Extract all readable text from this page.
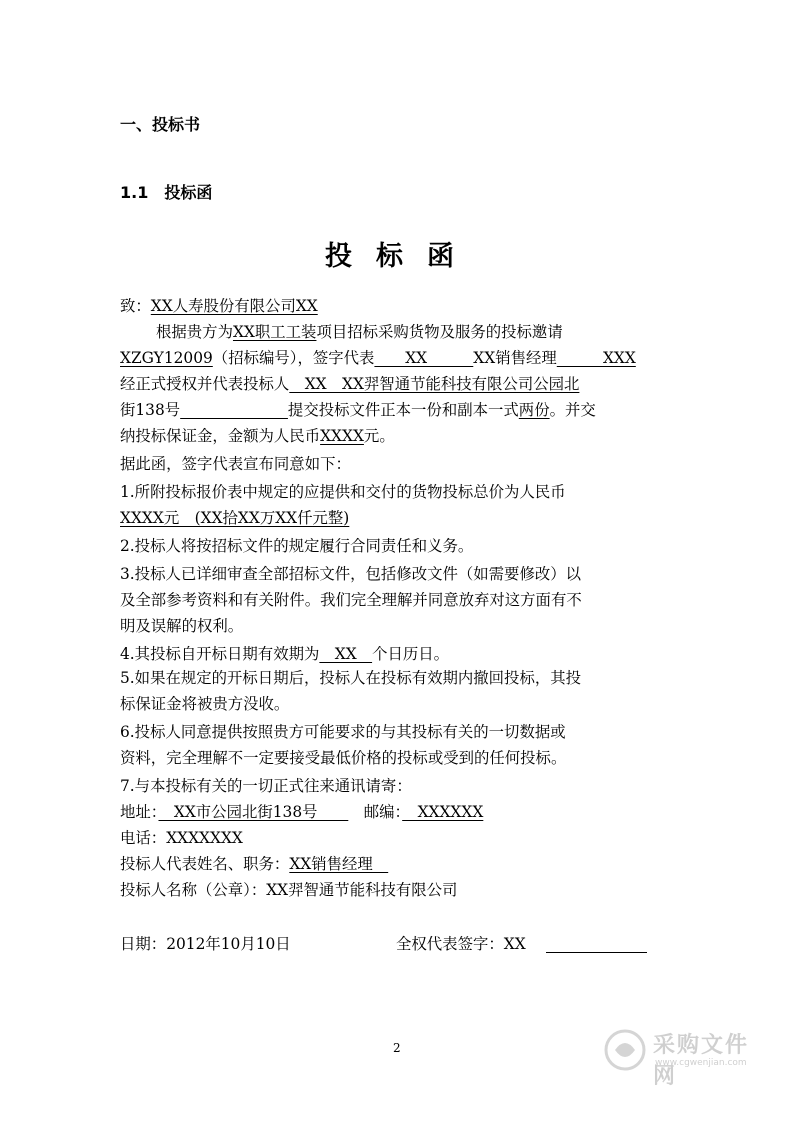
一、投标书
1.1　投标函
投标函
致：XX人寿股份有限公司XX
根据贵方为XX职工工装项目招标采购货物及服务的投标邀请
XZGY12009（招标编号），签字代表　　XX　　　XX销售经理　　　XXX
经正式授权并代表投标人　XX　XX羿智通节能科技有限公司公园北
街138号　　　　　　　	提交投标文件正本一份和副本一式两份。并交
纳投标保证金，金额为人民币XXXX元。
据此函，签字代表宣布同意如下：
1.所附投标报价表中规定的应提供和交付的货物投标总价为人民币
XXXX元　(XX拾XX万XX仟元整)
2.投标人将按招标文件的规定履行合同责任和义务。
3.投标人已详细审查全部招标文件，包括修改文件（如需要修改）以
及全部参考资料和有关附件。我们完全理解并同意放弃对这方面有不
明及误解的权利。
4.其投标自开标日期有效期为　XX　个日历日。
5.如果在规定的开标日期后，投标人在投标有效期内撤回投标，其投
标保证金将被贵方没收。
6.投标人同意提供按照贵方可能要求的与其投标有关的一切数据或
资料，完全理解不一定要接受最低价格的投标或受到的任何投标。
7.与本投标有关的一切正式往来通讯请寄：
地址：　XX市公园北街138号　　　邮编：　XXXXXX
电话：XXXXXXX
投标人代表姓名、职务：XX销售经理　
投标人名称（公章）：XX羿智通节能科技有限公司
日期：2012年10月10日	全权代表签字：XX
2	采购文件网
www.cgwenjian.com
